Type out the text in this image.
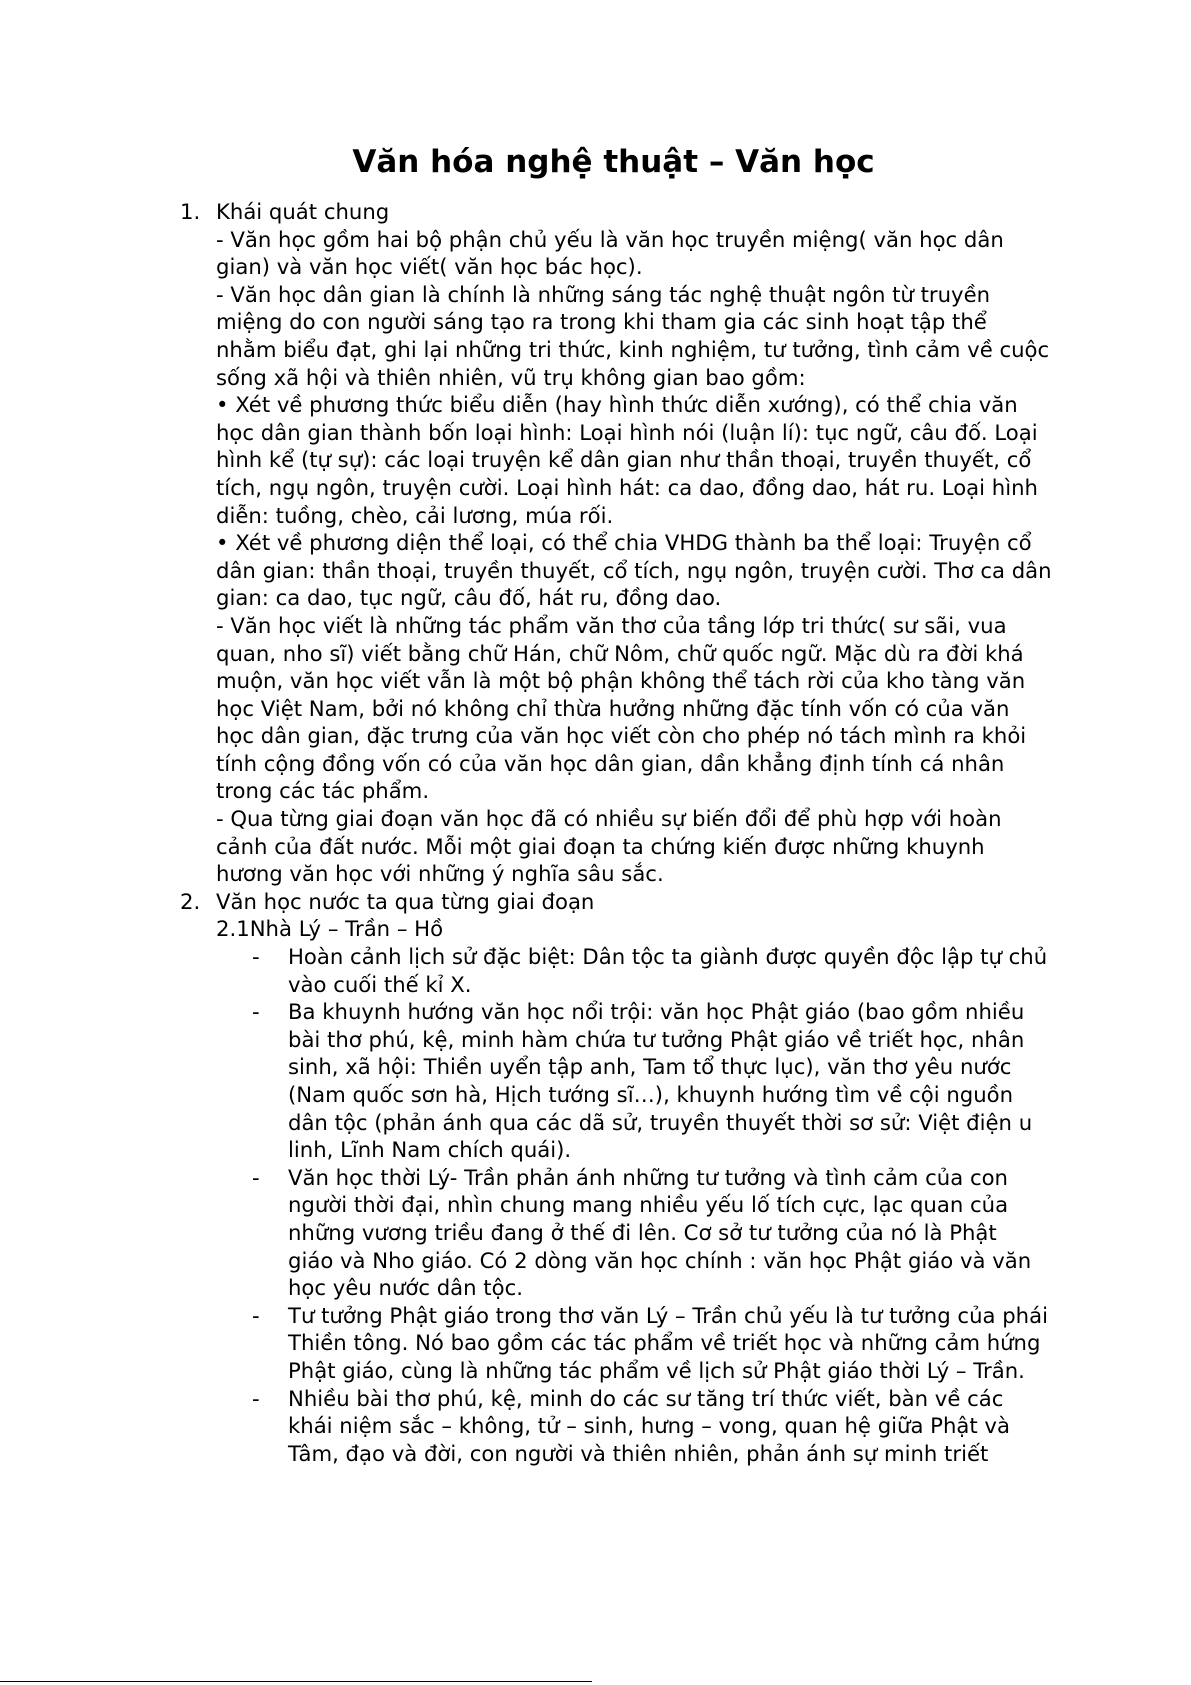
Văn hóa nghệ thuật – Văn học
1. Khái quát chung
- Văn học gồm hai bộ phận chủ yếu là văn học truyền miệng( văn học dân gian) và văn học viết( văn học bác học).
- Văn học dân gian là chính là những sáng tác nghệ thuật ngôn từ truyền miệng do con người sáng tạo ra trong khi tham gia các sinh hoạt tập thể nhằm biểu đạt, ghi lại những tri thức, kinh nghiệm, tư tưởng, tình cảm về cuộc sống xã hội và thiên nhiên, vũ trụ không gian bao gồm:
• Xét về phương thức biểu diễn (hay hình thức diễn xướng), có thể chia văn học dân gian thành bốn loại hình: Loại hình nói (luận lí): tục ngữ, câu đố. Loại hình kể (tự sự): các loại truyện kể dân gian như thần thoại, truyền thuyết, cổ tích, ngụ ngôn, truyện cười. Loại hình hát: ca dao, đồng dao, hát ru. Loại hình diễn: tuồng, chèo, cải lương, múa rối.
• Xét về phương diện thể loại, có thể chia VHDG thành ba thể loại: Truyện cổ dân gian: thần thoại, truyền thuyết, cổ tích, ngụ ngôn, truyện cười. Thơ ca dân gian: ca dao, tục ngữ, câu đố, hát ru, đồng dao.
- Văn học viết là những tác phẩm văn thơ của tầng lớp tri thức( sư sãi, vua quan, nho sĩ) viết bằng chữ Hán, chữ Nôm, chữ quốc ngữ. Mặc dù ra đời khá muộn, văn học viết vẫn là một bộ phận không thể tách rời của kho tàng văn học Việt Nam, bởi nó không chỉ thừa hưởng những đặc tính vốn có của văn học dân gian, đặc trưng của văn học viết còn cho phép nó tách mình ra khỏi tính cộng đồng vốn có của văn học dân gian, dần khẳng định tính cá nhân trong các tác phẩm.
- Qua từng giai đoạn văn học đã có nhiều sự biến đổi để phù hợp với hoàn cảnh của đất nước. Mỗi một giai đoạn ta chứng kiến được những khuynh hương văn học với những ý nghĩa sâu sắc.
2. Văn học nước ta qua từng giai đoạn
2.1Nhà Lý – Trần – Hồ
- Hoàn cảnh lịch sử đặc biệt: Dân tộc ta giành được quyền độc lập tự chủ vào cuối thế kỉ X.
- Ba khuynh hướng văn học nổi trội: văn học Phật giáo (bao gồm nhiều bài thơ phú, kệ, minh hàm chứa tư tưởng Phật giáo về triết học, nhân sinh, xã hội: Thiền uyển tập anh, Tam tổ thực lục), văn thơ yêu nước (Nam quốc sơn hà, Hịch tướng sĩ…), khuynh hướng tìm về cội nguồn dân tộc (phản ánh qua các dã sử, truyền thuyết thời sơ sử: Việt điện u linh, Lĩnh Nam chích quái).
- Văn học thời Lý- Trần phản ánh những tư tưởng và tình cảm của con người thời đại, nhìn chung mang nhiều yếu lố tích cực, lạc quan của những vương triều đang ở thế đi lên. Cơ sở tư tưởng của nó là Phật giáo và Nho giáo. Có 2 dòng văn học chính : văn học Phật giáo và văn học yêu nước dân tộc.
- Tư tưởng Phật giáo trong thơ văn Lý – Trần chủ yếu là tư tưởng của phái Thiền tông. Nó bao gồm các tác phẩm về triết học và những cảm hứng Phật giáo, cùng là những tác phẩm về lịch sử Phật giáo thời Lý – Trần.
- Nhiều bài thơ phú, kệ, minh do các sư tăng trí thức viết, bàn về các khái niệm sắc – không, tử – sinh, hưng – vong, quan hệ giữa Phật và Tâm, đạo và đời, con người và thiên nhiên, phản ánh sự minh triết
